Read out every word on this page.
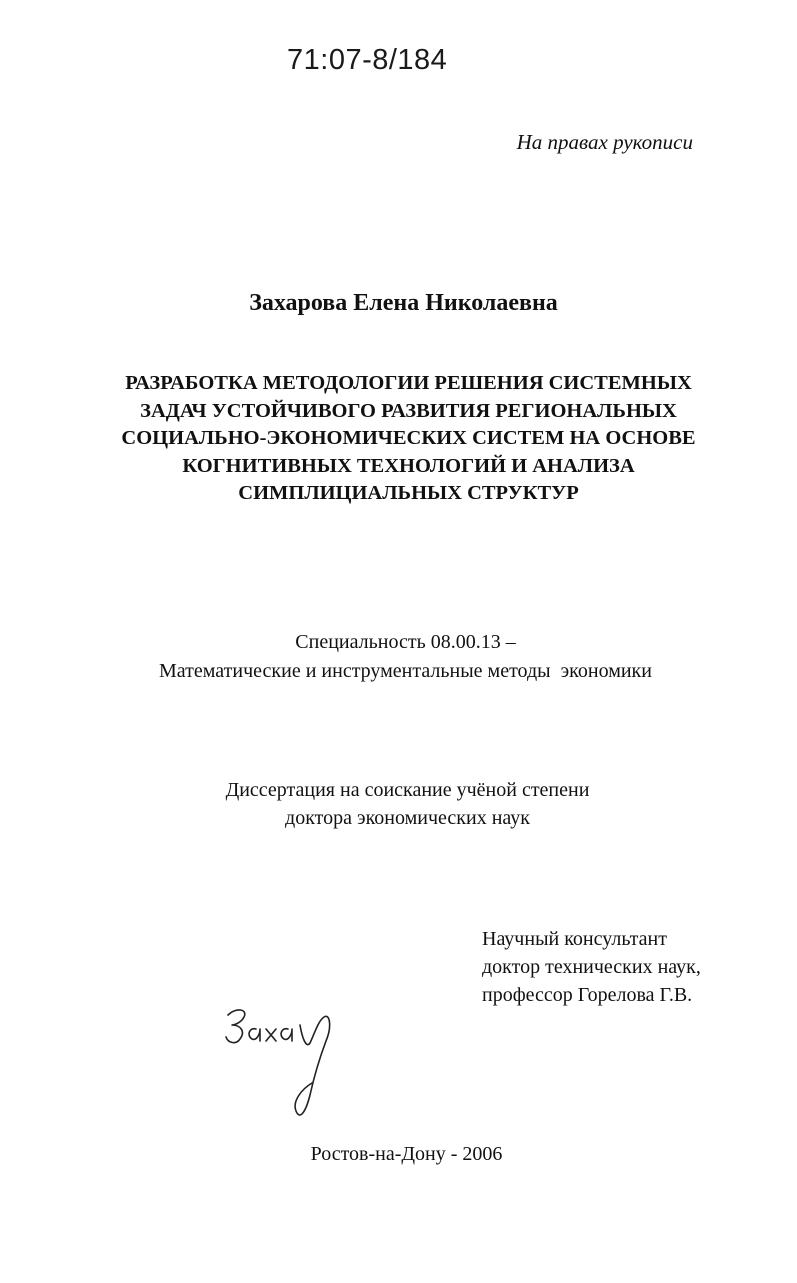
71:07-8/184
На правах рукописи
Захарова Елена Николаевна
РАЗРАБОТКА МЕТОДОЛОГИИ РЕШЕНИЯ СИСТЕМНЫХ
ЗАДАЧ УСТОЙЧИВОГО РАЗВИТИЯ РЕГИОНАЛЬНЫХ
СОЦИАЛЬНО-ЭКОНОМИЧЕСКИХ СИСТЕМ НА ОСНОВЕ
КОГНИТИВНЫХ ТЕХНОЛОГИЙ И АНАЛИЗА
СИМПЛИЦИАЛЬНЫХ СТРУКТУР
Специальность 08.00.13 –
Математические и инструментальные методы  экономики
Диссертация на соискание учёной степени
доктора экономических наук
Научный консультант
доктор технических наук,
профессор Горелова Г.В.
Ростов-на-Дону - 2006
